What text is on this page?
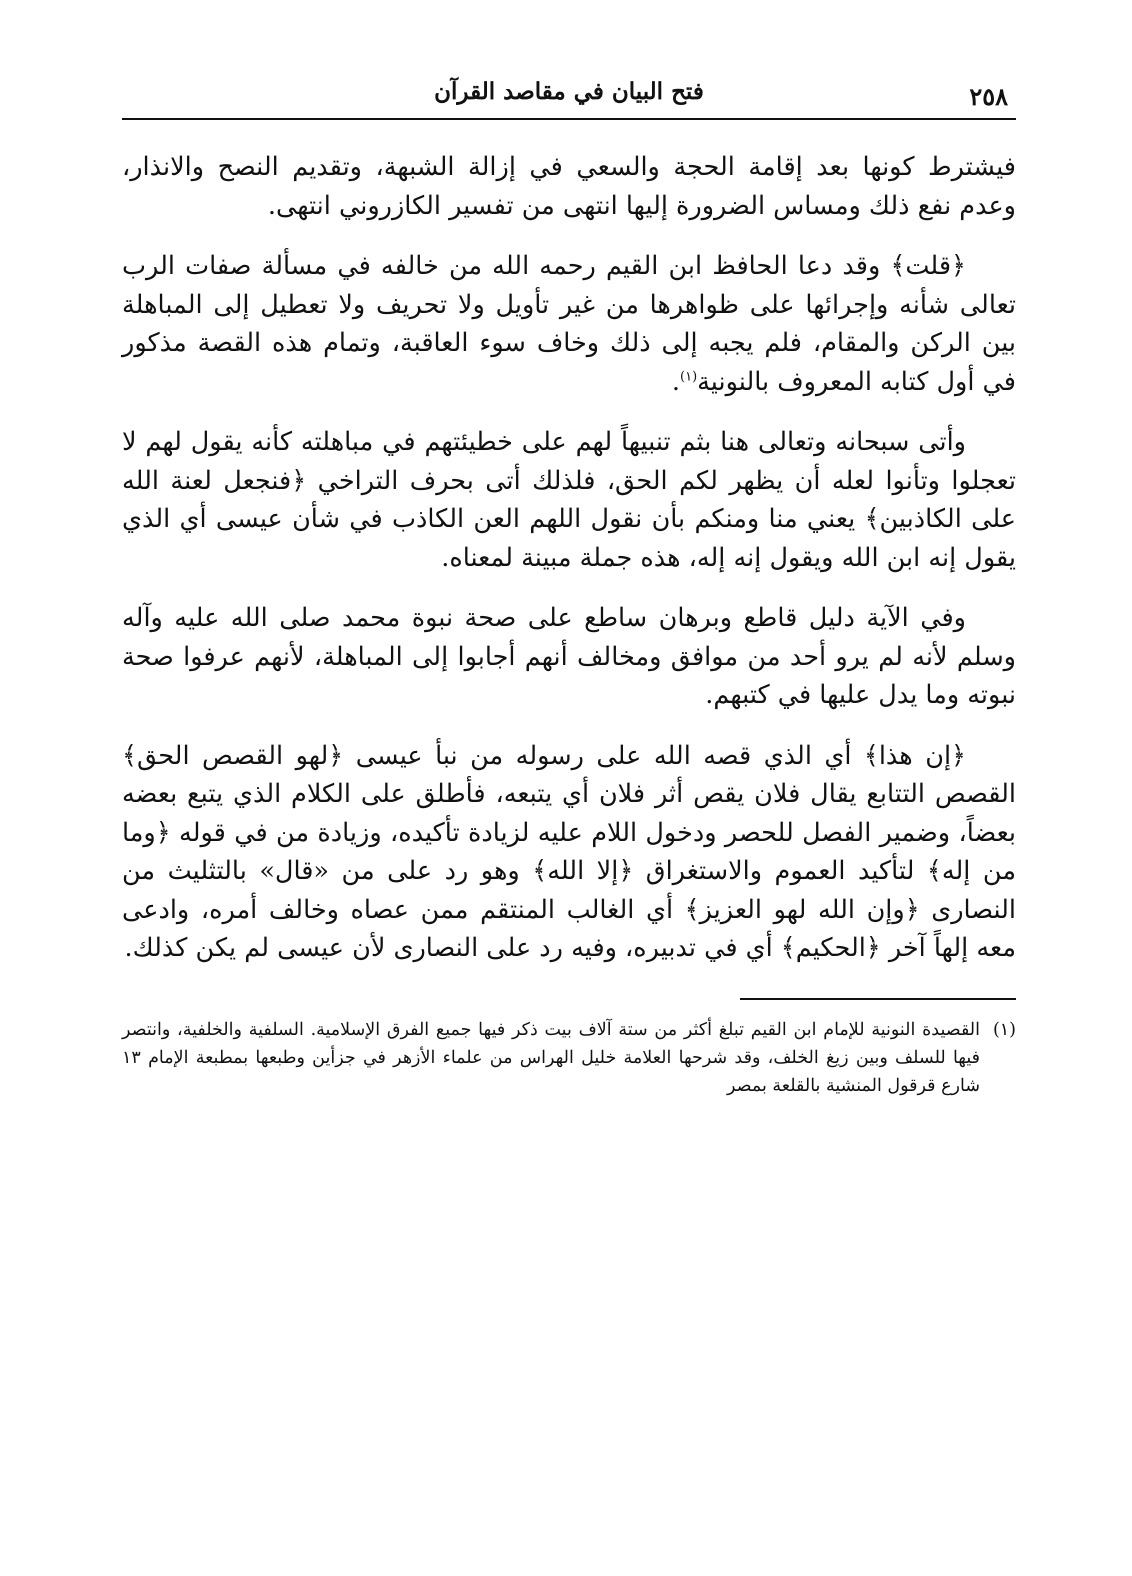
٢٥٨
فتح البيان في مقاصد القرآن

فيشترط كونها بعد إقامة الحجة والسعي في إزالة الشبهة، وتقديم النصح والانذار، وعدم نفع ذلك ومساس الضرورة إليها انتهى من تفسير الكازروني انتهى.

﴿قلت﴾ وقد دعا الحافظ ابن القيم رحمه الله من خالفه في مسألة صفات الرب تعالى شأنه وإجرائها على ظواهرها من غير تأويل ولا تحريف ولا تعطيل إلى المباهلة بين الركن والمقام، فلم يجبه إلى ذلك وخاف سوء العاقبة، وتمام هذه القصة مذكور في أول كتابه المعروف بالنونية$^{(١)}$.

وأتى سبحانه وتعالى هنا بثم تنبيهاً لهم على خطيئتهم في مباهلته كأنه يقول لهم لا تعجلوا وتأنوا لعله أن يظهر لكم الحق، فلذلك أتى بحرف التراخي ﴿فنجعل لعنة الله على الكاذبين﴾ يعني منا ومنكم بأن نقول اللهم العن الكاذب في شأن عيسى أي الذي يقول إنه ابن الله ويقول إنه إله، هذه جملة مبينة لمعناه.

وفي الآية دليل قاطع وبرهان ساطع على صحة نبوة محمد صلى الله عليه وآله وسلم لأنه لم يرو أحد من موافق ومخالف أنهم أجابوا إلى المباهلة، لأنهم عرفوا صحة نبوته وما يدل عليها في كتبهم.

﴿إن هذا﴾ أي الذي قصه الله على رسوله من نبأ عيسى ﴿لهو القصص الحق﴾ القصص التتابع يقال فلان يقص أثر فلان أي يتبعه، فأطلق على الكلام الذي يتبع بعضه بعضاً، وضمير الفصل للحصر ودخول اللام عليه لزيادة تأكيده، وزيادة من في قوله ﴿وما من إله﴾ لتأكيد العموم والاستغراق ﴿إلا الله﴾ وهو رد على من «قال» بالتثليث من النصارى ﴿وإن الله لهو العزيز﴾ أي الغالب المنتقم ممن عصاه وخالف أمره، وادعى معه إلهاً آخر ﴿الحكيم﴾ أي في تدبيره، وفيه رد على النصارى لأن عيسى لم يكن كذلك.

(١)
القصيدة النونية للإمام ابن القيم تبلغ أكثر من ستة آلاف بيت ذكر فيها جميع الفرق الإسلامية. السلفية والخلفية، وانتصر فيها للسلف وبين زيغ الخلف، وقد شرحها العلامة خليل الهراس من علماء الأزهر في جزأين وطبعها بمطبعة الإمام ١٣ شارع قرقول المنشية بالقلعة بمصر
